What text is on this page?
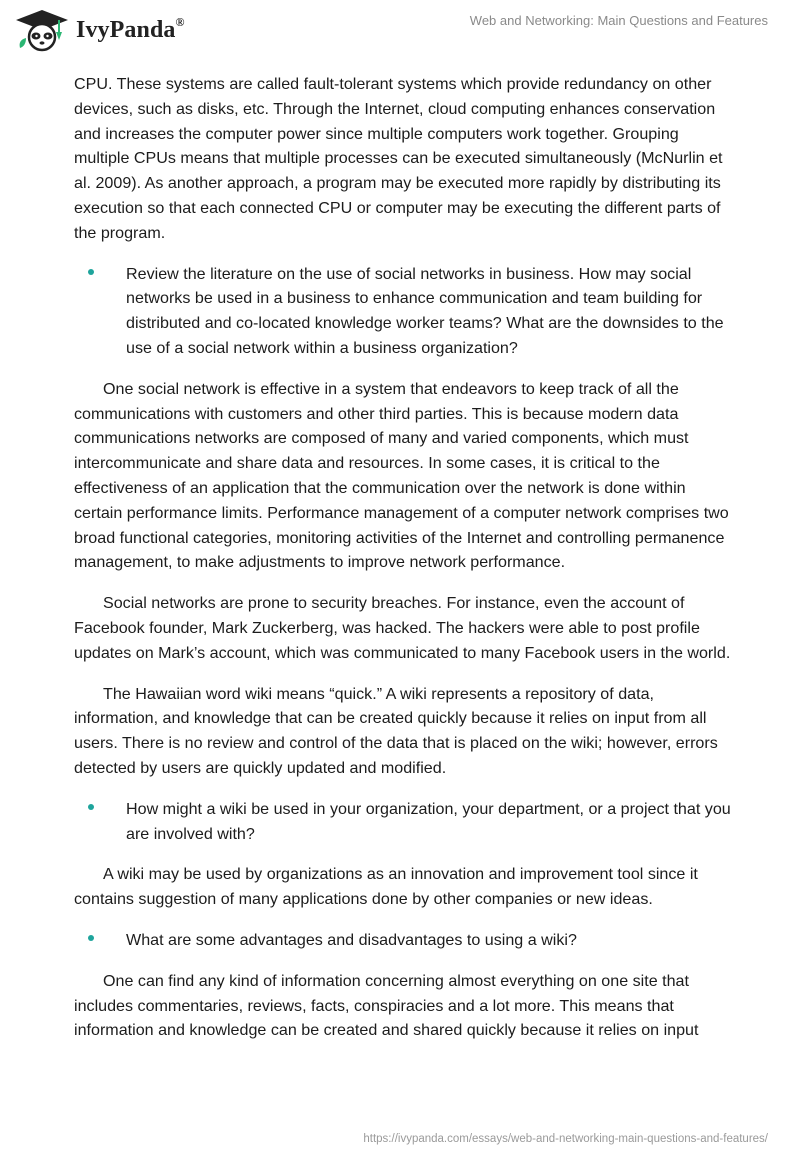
IvyPanda®	Web and Networking: Main Questions and Features

CPU. These systems are called fault-tolerant systems which provide redundancy on other devices, such as disks, etc. Through the Internet, cloud computing enhances conservation and increases the computer power since multiple computers work together. Grouping multiple CPUs means that multiple processes can be executed simultaneously (McNurlin et al. 2009). As another approach, a program may be executed more rapidly by distributing its execution so that each connected CPU or computer may be executing the different parts of the program.

Review the literature on the use of social networks in business. How may social networks be used in a business to enhance communication and team building for distributed and co-located knowledge worker teams? What are the downsides to the use of a social network within a business organization?

One social network is effective in a system that endeavors to keep track of all the communications with customers and other third parties. This is because modern data communications networks are composed of many and varied components, which must intercommunicate and share data and resources. In some cases, it is critical to the effectiveness of an application that the communication over the network is done within certain performance limits. Performance management of a computer network comprises two broad functional categories, monitoring activities of the Internet and controlling permanence management, to make adjustments to improve network performance.

Social networks are prone to security breaches. For instance, even the account of Facebook founder, Mark Zuckerberg, was hacked. The hackers were able to post profile updates on Mark’s account, which was communicated to many Facebook users in the world.

The Hawaiian word wiki means “quick.” A wiki represents a repository of data, information, and knowledge that can be created quickly because it relies on input from all users. There is no review and control of the data that is placed on the wiki; however, errors detected by users are quickly updated and modified.

How might a wiki be used in your organization, your department, or a project that you are involved with?

A wiki may be used by organizations as an innovation and improvement tool since it contains suggestion of many applications done by other companies or new ideas.

What are some advantages and disadvantages to using a wiki?

One can find any kind of information concerning almost everything on one site that includes commentaries, reviews, facts, conspiracies and a lot more. This means that information and knowledge can be created and shared quickly because it relies on input

https://ivypanda.com/essays/web-and-networking-main-questions-and-features/
